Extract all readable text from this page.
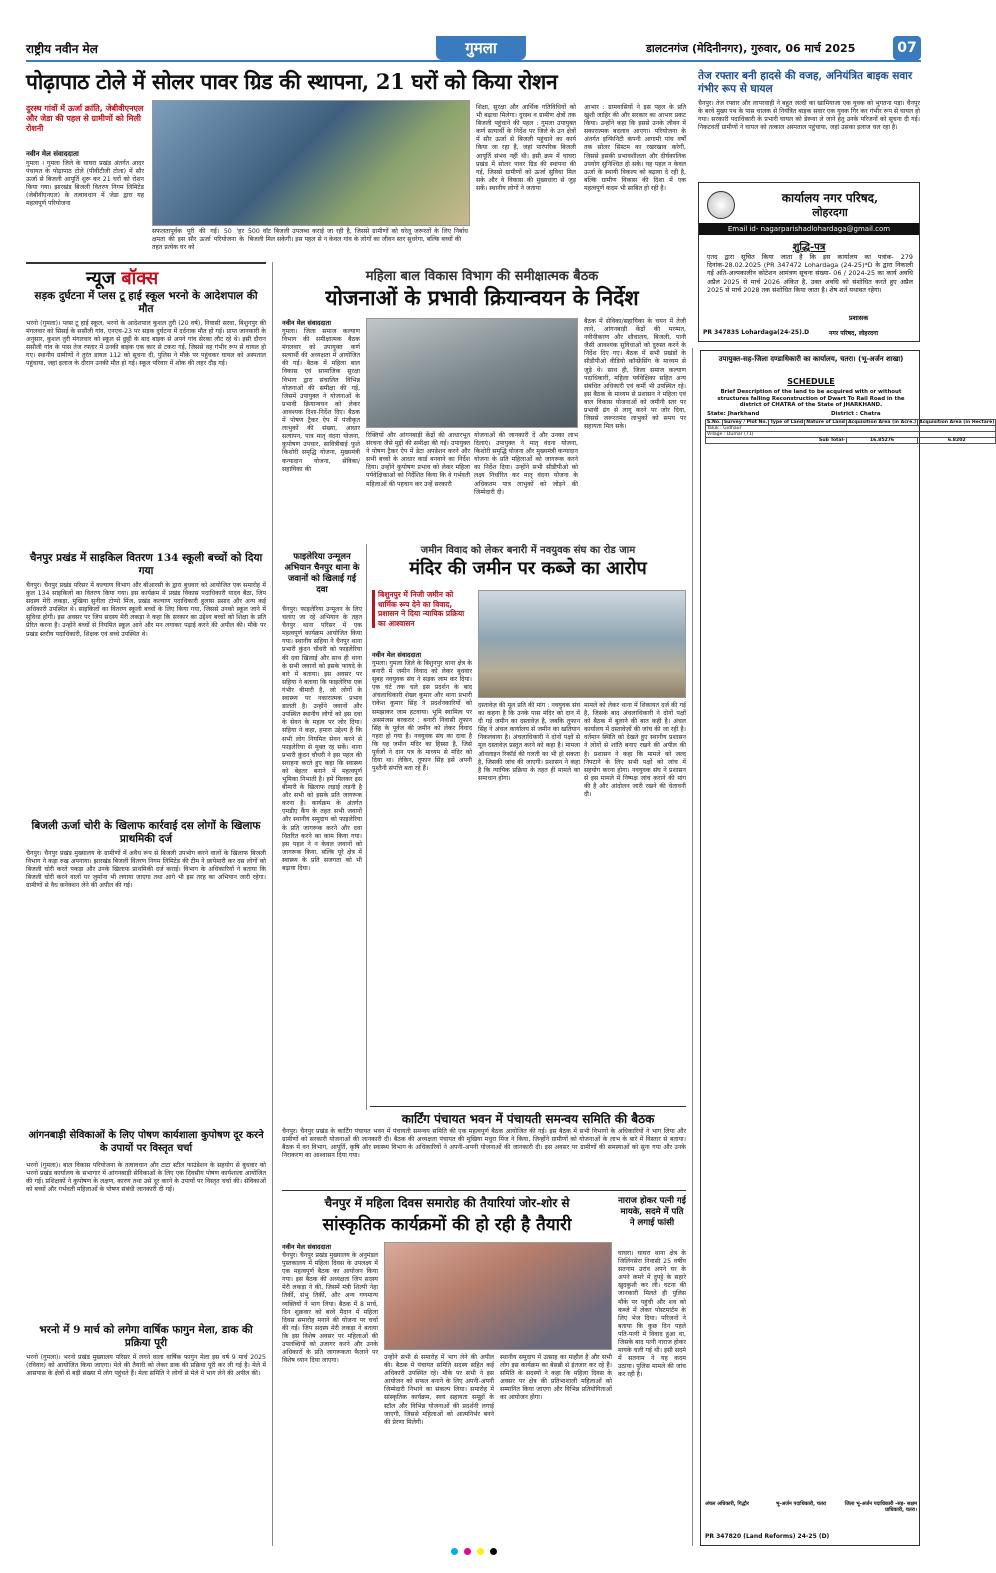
राष्ट्रीय नवीन मेल	गुमला	डालटनगंज (मेदिनीनगर), गुरुवार, 06 मार्च 2025	07
पोढ़ापाठ टोले में सोलर पावर ग्रिड की स्थापना, 21 घरों को किया रोशन
दुरस्थ गांवों में ऊर्जा क्रांति, जेबीवीएनएल और जेडा की पहल से ग्रामीणों को मिली रोशनी
नवीन मेल संवाददाता
गुमला । गुमला जिले के घाघरा प्रखंड अंतर्गत आदर पंचायत के पोढ़ापाठ टोले (पीवीटीजी टोला) में सौर ऊर्जा से बिजली आपूर्ति शुरू कर 21 घरों को रोशन किया गया। झारखंड बिजली वितरण निगम लिमिटेड (जेबीवीएनएल) के तत्वावधान में जेडा द्वारा यह महत्वपूर्ण परियोजना
सफलतापूर्वक पूरी की गई। 50 'हर क्षमता की इस सौर ऊर्जा परियोजना के तहत प्रत्येक घर को
500 वॉट बिजली उपलब्ध कराई जा रही है, जिससे ग्रामीणों को घरेलू जरूरतों के लिए निर्बाध बिजली मिल सकेगी। इस पहल से न केवल गांव के लोगों का जीवन स्तर सुधरेगा, बल्कि बच्चों की
शिक्षा, सुरक्षा और आर्थिक गतिविधियों को भी बढ़ावा मिलेगा। दुरस्थ व ग्रामीण क्षेत्रों तक बिजली पहुंचाने की पहल : गुमला उपायुक्त कर्ण सत्यार्थी के निर्देश पर जिले के उन क्षेत्रों में सौर ऊर्जा से बिजली पहुंचाने का कार्य किया जा रहा है, जहां पारंपरिक बिजली आपूर्ति संभव नहीं थी। इसी क्रम में घाघरा प्रखंड में सोलर पावर ग्रिड की स्थापना की गई, जिससे ग्रामीणों को ऊर्जा सुविधा मिल सके और वे विकास की मुख्यधारा से जुड़ सकें। स्थानीय लोगों ने जताया
आभार : ग्रामवासियों ने इस पहल के प्रति खुशी जाहिर की और सरकार का आभार प्रकट किया। उन्होंने कहा कि इससे उनके जीवन में सकारात्मक बदलाव आएगा। परियोजना के अंतर्गत इन्फिनिटी कंपनी आगामी पांच वर्षों तक सोलर सिस्टम का रखरखाव करेगी, जिससे इसकी प्रभावशीलता और दीर्घकालिक उपयोग सुनिश्चित हो सके। यह पहल न केवल ऊर्जा के स्थायी विकल्प को बढ़ावा दे रही है, बल्कि ग्रामीण विकास की दिशा में एक महत्वपूर्ण कदम भी साबित हो रही है।
तेज रफ्तार बनी हादसे की वजह, अनियंत्रित बाइक सवार गंभीर रूप से घायल
चैनपुर। तेज रफ्तार और लापरवाही ने बहुत जल्दी का खामियाजा एक युवक को भुगतना पड़ा। चैनपुर के बरवे मुख्य पथ के पास चालक से नियंत्रित बाइक सवार एक युवक गिर कर गंभीर रूप से घायल हो गया। सरकारी पदाधिकारी के प्रभारी घायल को डेरूवा ले जाने हेतु उनके परिजनों को सूचना दी गई। निकटवर्ती ग्रामीणों ने घायल को तत्काल अस्पताल पहुंचाया, जहां उसका इलाज चल रहा है।
कार्यालय नगर परिषद,
लोहरदगा
Email id- nagarparishadlohardaga@gmail.com
शुद्धि-पत्र
एतद द्वारा सूचित किया जाता है कि इस कार्यालय का पत्रांक- 279 दिनांक-28.02.2025 (PR 347472 Lohardaga (24-25)*D के द्वारा निकाली गई अति-अल्पकालीन कोटेशन आमंत्रण सूचना संख्या- 06 / 2024-25 का कार्य अवधि अप्रैल 2025 से मार्च 2026 अंकित है, उक्त अवधि को संशोधित करते हुए अप्रैल 2025 से मार्च 2028 तक संशोधित किया जाता है। शेष शर्त यथावत रहेगा।
प्रशासक
PR 347835 Lohardaga(24-25).D	नगर परिषद, लोहरदगा
न्यूज बॉक्स
सड़क दुर्घटना में प्लस टू हाई स्कूल भरनो के आदेशपाल की मौत
भरनो (गुमला)। प्लस टू हाई स्कूल, भरनो के आदेशपाल कुशल तुरी (20 वर्ष), निवासी सरवा, बिशुनपुर की मंगलवार को सिसई के ससौली गांव, एनएच-23 पर सड़क दुर्घटना में दर्दनाक मौत हो गई। प्राप्त जानकारी के अनुसार, कुशल तुरी मंगलवार को स्कूल से छुट्टी के बाद बाइक से अपने गांव सेरका लौट रहे थे। इसी दौरान ससौली गांव के पास तेज रफ्तार में उनकी बाइक एक कार से टकरा गई, जिससे वह गंभीर रूप से घायल हो गए। स्थानीय ग्रामीणों ने तुरंत डायल 112 को सूचना दी, पुलिस ने मौके पर पहुंचकर घायल को अस्पताल पहुंचाया, जहां इलाज के दौरान उनकी मौत हो गई। स्कूल परिवार में शोक की लहर दौड़ गई।
चैनपुर प्रखंड में साइकिल वितरण 134 स्कूली बच्चों को दिया गया
चैनपुर। चैनपुर प्रखंड परिसर में कल्याण विभाग और बीआरसी के द्वारा बुधवार को आयोजित एक समारोह में कुल 134 साइकिलों का वितरण किया गया। इस कार्यक्रम में प्रखंड विकास पदाधिकारी यादव बैठा, जिप सदस्य मेरी लकड़ा, मुखिया सुनीता टोप्पो मिंज, प्रखंड कल्याण पदाधिकारी हुलास प्रसाद और अन्य कई अधिकारी उपस्थित थे। साइकिलों का वितरण स्कूली बच्चों के लिए किया गया, जिससे उनको स्कूल जाने में सुविधा होगी। इस अवसर पर जिप सदस्य मेरी लकड़ा ने कहा कि सरकार का उद्देश्य बच्चों को शिक्षा के प्रति प्रेरित करना है। उन्होंने बच्चों से नियमित स्कूल आने और मन लगाकर पढ़ाई करने की अपील की। मौके पर प्रखंड स्तरीय पदाधिकारी, शिक्षक एवं बच्चे उपस्थित थे।
बिजली ऊर्जा चोरी के खिलाफ कार्रवाई दस लोगों के खिलाफ प्राथमिकी दर्ज
चैनपुर। चैनपुर प्रखंड मुख्यालय के ग्रामीणों में अवैध रूप से बिजली उपभोग करने वालों के खिलाफ बिजली विभाग ने कड़ा रुख अपनाया। झारखंड बिजली वितरण निगम लिमिटेड की टीम ने छापेमारी कर दस लोगों को बिजली चोरी करते पकड़ा और उनके खिलाफ प्राथमिकी दर्ज कराई। विभाग के अधिकारियों ने बताया कि बिजली चोरी करने वालों पर जुर्माना भी लगाया जाएगा तथा आगे भी इस तरह का अभियान जारी रहेगा। ग्रामीणों से वैध कनेक्शन लेने की अपील की गई।
आंगनबाड़ी सेविकाओं के लिए पोषण कार्यशाला कुपोषण दूर करने के उपायों पर विस्तृत चर्चा
भरनो (गुमला)। बाल विकास परियोजना के तत्वावधान और टाटा स्टील फाउंडेशन के सहयोग से बुधवार को भरनो प्रखंड कार्यालय के सभागार में आंगनबाड़ी सेविकाओं के लिए एक दिवसीय पोषण कार्यशाला आयोजित की गई। प्रशिक्षकों ने कुपोषण के लक्षण, कारण तथा उसे दूर करने के उपायों पर विस्तृत चर्चा की। सेविकाओं को बच्चों और गर्भवती महिलाओं के पोषण संबंधी जानकारी दी गई।
भरनो में 9 मार्च को लगेगा वार्षिक फागुन मेला, डाक की प्रक्रिया पूरी
भरनो (गुमला)। भरनो प्रखंड मुख्यालय परिसर में लगने वाला वार्षिक फागुन मेला इस वर्ष 9 मार्च 2025 (रविवार) को आयोजित किया जाएगा। मेले की तैयारी को लेकर डाक की प्रक्रिया पूरी कर ली गई है। मेले में आसपास के क्षेत्रों से बड़ी संख्या में लोग पहुंचते हैं। मेला समिति ने लोगों से मेले में भाग लेने की अपील की।
महिला बाल विकास विभाग की समीक्षात्मक बैठक
योजनाओं के प्रभावी क्रियान्वयन के निर्देश
नवीन मेल संवाददाता
गुमला। जिला समाज कल्याण विभाग की समीक्षात्मक बैठक मंगलवार को उपायुक्त कर्ण सत्यार्थी की अध्यक्षता में आयोजित की गई। बैठक में महिला बाल विकास एवं सामाजिक सुरक्षा विभाग द्वारा संचालित विभिन्न योजनाओं की समीक्षा की गई, जिसमें उपायुक्त ने योजनाओं के प्रभावी क्रियान्वयन को लेकर आवश्यक दिशा-निर्देश दिए। बैठक में पोषण ट्रैकर ऐप में पंजीकृत लाभुकों की संख्या, आधार सत्यापन, पात्र मातृ वंदना योजना, कुपोषण उपचार, सावित्रीबाई फुले किशोरी समृद्धि योजना, मुख्यमंत्री कन्यादान योजना, सेविका/सहायिका की
रिक्तियों और आंगनबाड़ी केंद्रों की आधारभूत संरचना जैसे मुद्दों की समीक्षा की गई। उपायुक्त ने पोषण ट्रैकर ऐप में डेटा अपडेशन करने और सभी बच्चों के आधार कार्ड बनवाने का निर्देश दिया। उन्होंने कुपोषण प्रभाव को लेकर महिला पर्यवेक्षिकाओं को निर्देशित किया कि वे गर्भवती महिलाओं की पहचान कर उन्हें सरकारी
योजनाओं की जानकारी दें और उनका लाभ दिलाएं। उपायुक्त ने मातृ वंदना योजना, किशोरी समृद्धि योजना और मुख्यमंत्री कन्यादान योजना के प्रति महिलाओं को जागरूक करने का निर्देश दिया। उन्होंने सभी सीडीपीओ को लक्ष्य निर्धारित कर मातृ वंदना योजना के अधिकतम पात्र लाभुकों को जोड़ने की जिम्मेदारी दी।
बैठक में सेविका/सहायिका के चयन में तेजी लाने, आंगनबाड़ी केंद्रों की मरम्मत, नवीनीकरण और शौचालय, बिजली, पानी जैसी आवश्यक सुविधाओं को दुरुस्त करने के निर्देश दिए गए। बैठक में सभी प्रखंडों के सीडीपीओ वीडियो कॉन्फ्रेंसिंग के माध्यम से जुड़े थे। साथ ही, जिला समाज कल्याण पदाधिकारी, महिला पर्यवेक्षिका सहित अन्य संबंधित अधिकारी एवं कर्मी भी उपस्थित रहे। इस बैठक के माध्यम से प्रशासन ने महिला एवं बाल विकास योजनाओं को जमीनी स्तर पर प्रभावी ढंग से लागू करने पर जोर दिया, जिससे जरूरतमंद लाभुकों को समय पर सहायता मिल सके।
फाइलेरिया उन्मूलन अभियान चैनपुर थाना के जवानों को खिलाई गई दवा
चैनपुर। फाइलेरिया उन्मूलन के लिए चलाए जा रहे अभियान के तहत चैनपुर थाना परिसर में एक महत्वपूर्ण कार्यक्रम आयोजित किया गया। स्थानीय सहिया ने चैनपुर थाना प्रभारी कुंदन चौधरी को फाइलेरिया की दवा खिलाई और साथ ही थाना के सभी जवानों को इसके फायदे के बारे में बताया। इस अवसर पर सहिया ने बताया कि फाइलेरिया एक गंभीर बीमारी है, जो लोगों के स्वास्थ्य पर नकारात्मक प्रभाव डालती है। उन्होंने जवानों और उपस्थित स्थानीय लोगों को इस दवा के सेवन के महत्व पर जोर दिया। सहिया ने कहा, हमारा उद्देश्य है कि सभी लोग नियमित सेवन करने से फाइलेरिया से मुक्त रह सकें। थाना प्रभारी कुंदन चौधरी ने इस पहल की सराहना करते हुए कहा कि स्वास्थ्य को बेहतर बनाने में महत्वपूर्ण भूमिका निभाती है। हमें मिलकर इस बीमारी के खिलाफ लड़ाई लड़नी है और सभी को इसके प्रति जागरूक करना है। कार्यक्रम के अंतर्गत एमडीए कैंप के तहत सभी जवानों और स्थानीय समुदाय को फाइलेरिया के प्रति जागरूक करने और दवा वितरित करने का काम किया गया। इस पहल ने न केवल जवानों को जागरूक किया, बल्कि पूरे क्षेत्र में स्वास्थ्य के प्रति सजगता को भी बढ़ावा दिया।
जमीन विवाद को लेकर बनारी में नवयुवक संघ का रोड जाम
मंदिर की जमीन पर कब्जे का आरोप
बिशुनपुर में निजी जमीन को धार्मिक रूप देने का विवाद, प्रशासन ने दिया न्यायिक प्रक्रिया का आश्वासन
नवीन मेल संवाददाता
गुमला। गुमला जिले के बिशुनपुर थाना क्षेत्र के बनारी में जमीन विवाद को लेकर बुधवार सुबह नवयुवक संघ ने सड़क जाम कर दिया। एक घंटे तक चले इस प्रदर्शन के बाद अंचलाधिकारी शेखर कुमार और थाना प्रभारी राकेश कुमार सिंह ने प्रदर्शनकारियों को समझाकर जाम हटवाया। भूमि स्वामित्व पर असमंजस बरकरार : बनारी निवासी तूफान सिंह के पूर्वज की जमीन को लेकर विवाद गहरा हो गया है। नवयुवक संघ का दावा है कि यह जमीन मंदिर का हिस्सा है, जिसे पूर्वजों ने दान पत्र के माध्यम से मंदिर को दिया था। लेकिन, तूफान सिंह इसे अपनी पुश्तैनी संपत्ति बता रहे हैं।
दस्तावेज़ की मूल प्रति की मांग : नवयुवक संघ का कहना है कि उनके पास मंदिर को दान में दी गई जमीन का दस्तावेज़ है, जबकि तूफान सिंह ने अंचल कार्यालय से जमीन का खतियान निकलवाया है। अंचलाधिकारी ने दोनों पक्षों से मूल दस्तावेज़ प्रस्तुत करने को कहा है। मामला ऑनलाइन रिकॉर्ड की गलती का भी हो सकता है, जिसकी जांच की जाएगी। प्रशासन ने कहा है कि न्यायिक प्रक्रिया के तहत ही मामले का समाधान होगा।
मामले को लेकर थाना में शिकायत दर्ज की गई है, जिसके बाद अंचलाधिकारी ने दोनों पक्षों को बैठक में बुलाने की बात कही है। अंचल कार्यालय में दस्तावेज़ों की जांच की जा रही है। वर्तमान स्थिति को देखते हुए स्थानीय प्रशासन ने लोगों से शांति बनाए रखने की अपील की है। प्रशासन ने कहा कि मामले को जल्द निपटाने के लिए सभी पक्षों को जांच में सहयोग करना होगा। नवयुवक संघ ने प्रशासन से इस मामले में निष्पक्ष जांच कराने की मांग की है और आंदोलन जारी रखने की चेतावनी दी।
कार्टिंग पंचायत भवन में पंचायती समन्वय समिति की बैठक
चैनपुर। चैनपुर प्रखंड के कार्टिंग पंचायत भवन में पंचायती समन्वय समिति की एक महत्वपूर्ण बैठक आयोजित की गई। इस बैठक में सभी विभागों के अधिकारियों ने भाग लिया और ग्रामीणों को सरकारी योजनाओं की जानकारी दी। बैठक की अध्यक्षता पंचायत की मुखिया मधुरा मिंज ने किया, जिन्होंने ग्रामीणों को योजनाओं के लाभ के बारे में विस्तार से बताया। बैठक में वन विभाग, आपूर्ति, कृषि और स्वास्थ्य विभाग के अधिकारियों ने अपनी-अपनी योजनाओं की जानकारी दी। इस अवसर पर ग्रामीणों की समस्याओं को सुना गया और उनके निराकरण का आश्वासन दिया गया।
चैनपुर में महिला दिवस समारोह की तैयारियां जोर-शोर से
सांस्कृतिक कार्यक्रमों की हो रही है तैयारी
नवीन मेल संवाददाता
चैनपुर। चैनपुर प्रखंड मुख्यालय के अनुमंडल पुस्तकालय में महिला दिवस के उपलक्ष्य में एक महत्वपूर्ण बैठक का आयोजन किया गया। इस बैठक की अध्यक्षता जिप सदस्य मेरी लकड़ा ने की, जिसमें मंत्री शिल्पी नेहा तिर्की, संभु तिर्की, और अन्य गणमान्य व्यक्तियों ने भाग लिया। बैठक में 8 मार्च, दिन शुक्रवार को बरवे मैदान में महिला दिवस समारोह मनाने की योजना पर चर्चा की गई। जिप सदस्य मेरी लकड़ा ने बताया कि इस विशेष अवसर पर महिलाओं की उपलब्धियों को उजागर करने और उनके अधिकारों के प्रति जागरूकता फैलाने पर विशेष ध्यान दिया जाएगा।	उन्होंने सभी से समारोह में भाग लेने की अपील की। बैठक में पंचायत समिति सदस्य सहित कई अधिकारी उपस्थित रहे। मौके पर सभी ने इस आयोजन को सफल बनाने के लिए अपनी-अपनी जिम्मेदारी निभाने का संकल्प लिया। समारोह में सांस्कृतिक कार्यक्रम, स्वयं सहायता समूहों के स्टॉल और विभिन्न योजनाओं की प्रदर्शनी लगाई जाएगी, जिससे महिलाओं को आत्मनिर्भर बनने की प्रेरणा मिलेगी।
स्थानीय समुदाय में उत्साह का माहौल है और सभी लोग इस कार्यक्रम का बेसब्री से इंतजार कर रहे हैं। समिति के सदस्यों ने कहा कि महिला दिवस के अवसर पर क्षेत्र की प्रतिभाशाली महिलाओं को सम्मानित किया जाएगा और विभिन्न प्रतियोगिताओं का आयोजन होगा।
नाराज होकर पत्नी गई मायके, सदमे में पति ने लगाई फांसी
घाघरा। घाघरा थाना क्षेत्र के जिलिंगसेरा निवासी 25 वर्षीय सतनाम उरांव अपने घर के अपने कमरे में दुपट्टे के सहारे खुदकुशी कर ली। घटना की जानकारी मिलते ही पुलिस मौके पर पहुंची और शव को कब्जे में लेकर पोस्टमार्टम के लिए भेज दिया। परिजनों ने बताया कि कुछ दिन पहले पति-पत्नी में विवाद हुआ था, जिसके बाद पत्नी नाराज होकर मायके चली गई थी। इसी सदमे में सतनाम ने यह कदम उठाया। पुलिस मामले की जांच कर रही है।
उपायुक्त-सह-जिला दण्डाधिकारी का कार्यालय, चतरा। (भू-अर्जन शाखा)
SCHEDULE
Brief Description of the land to be acquired with or without structures falling Reconstruction of Dwart To Rail Road in the district of CHATRA of the State of JHARKHAND.
State: Jharkhand	District : Chatra
S.No.	Survey / Plot No.	Type of Land	Nature of Land	Acquisition Area (in Acre.)	Acquisition Area (in Hectare)
Taluk : Gidhaur					
Village : Dumar (71)					
Sub Total-				16.85276	6.8202
अंचल अधिकारी, गिद्धौर	भू-अर्जन पदाधिकारी, चतरा	जिला भू-अर्जन पदाधिकारी -सह- सक्षम प्राधिकारी, चतरा।
PR 347820 (Land Reforms) 24-25 (D)
